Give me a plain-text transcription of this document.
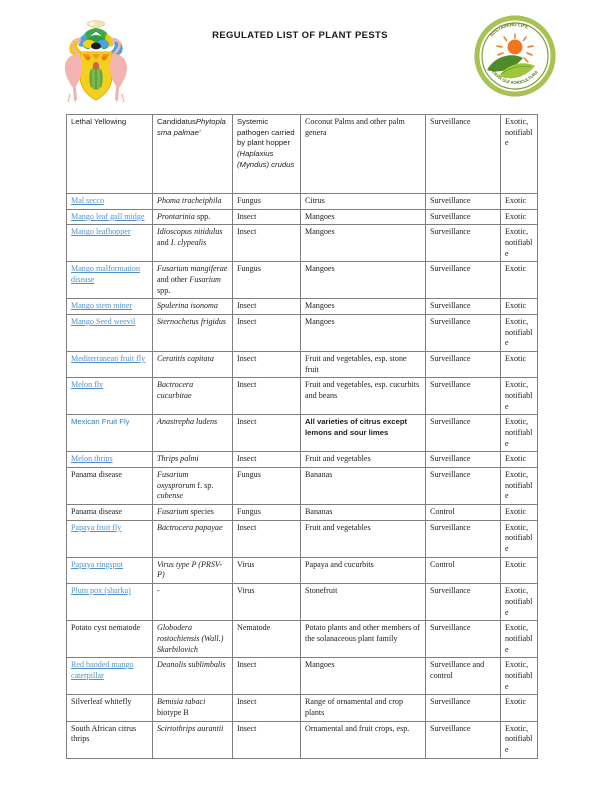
REGULATED LIST OF PLANT PESTS	SUSTAINING LIFE
TERRA GUI AGRICULTURA
Lethal Yellowing	CandidatusPhytoplasma palmae'	Systemic pathogen carried by plant hopper (Haplaxius (Myndus) crudus	Coconut Palms and other palm genera	Surveillance	Exotic, notifiable
Mal secco	Phoma tracheiphila	Fungus	Citrus	Surveillance	Exotic
Mango leaf gall midge	Prontarinia spp.	Insect	Mangoes	Surveillance	Exotic
Mango leafhopper	Idioscopus nitidulus and I. clypealis	Insect	Mangoes	Surveillance	Exotic, notifiable
Mango malformation disease	Fusarium mangiferae and other Fusarium spp.	Fungus	Mangoes	Surveillance	Exotic
Mango stem miner	Spulerina isonoma	Insect	Mangoes	Surveillance	Exotic
Mango Seed weevil	Sternochetus frigidus	Insect	Mangoes	Surveillance	Exotic, notifiable
Mediterranean fruit fly	Ceratitis capitata	Insect	Fruit and vegetables, esp. stone fruit	Surveillance	Exotic
Melon fly	Bactrocera cucurbitae	Insect	Fruit and vegetables, esp. cucurbits and beans	Surveillance	Exotic, notifiable
Mexican Fruit Fly	Anastrepha ludens	Insect	All varieties of citrus except lemons and sour limes	Surveillance	Exotic, notifiable
Melon thrips	Thrips palmi	Insect	Fruit and vegetables	Surveillance	Exotic
Panama disease	Fusarium oxysprorum f. sp. cubense	Fungus	Bananas	Surveillance	Exotic, notifiable
Panama disease	Fusarium species	Fungus	Bananas	Control	Exotic
Papaya fruit fly	Bactrocera papayae	Insect	Fruit and vegetables	Surveillance	Exotic, notifiable
Papaya ringspot	Virus type P (PRSV-P)	Virus	Papaya and cucurbits	Control	Exotic
Plum pox (sharka)	-	Virus	Stonefruit	Surveillance	Exotic, notifiable
Potato cyst nematode	Globodera rostochiensis (Wall.) Skarbilovich	Nematode	Potato plants and other members of the solanaceous plant family	Surveillance	Exotic, notifiable
Red banded mango caterpillar	Deanolis sublimbalis	Insect	Mangoes	Surveillance and control	Exotic, notifiable
Silverleaf whitefly	Bemisia tabaci biotype B	Insect	Range of ornamental and crop plants	Surveillance	Exotic
South African citrus thrips	Scirtothrips aurantii	Insect	Ornamental and fruit crops, esp.	Surveillance	Exotic, notifiable
